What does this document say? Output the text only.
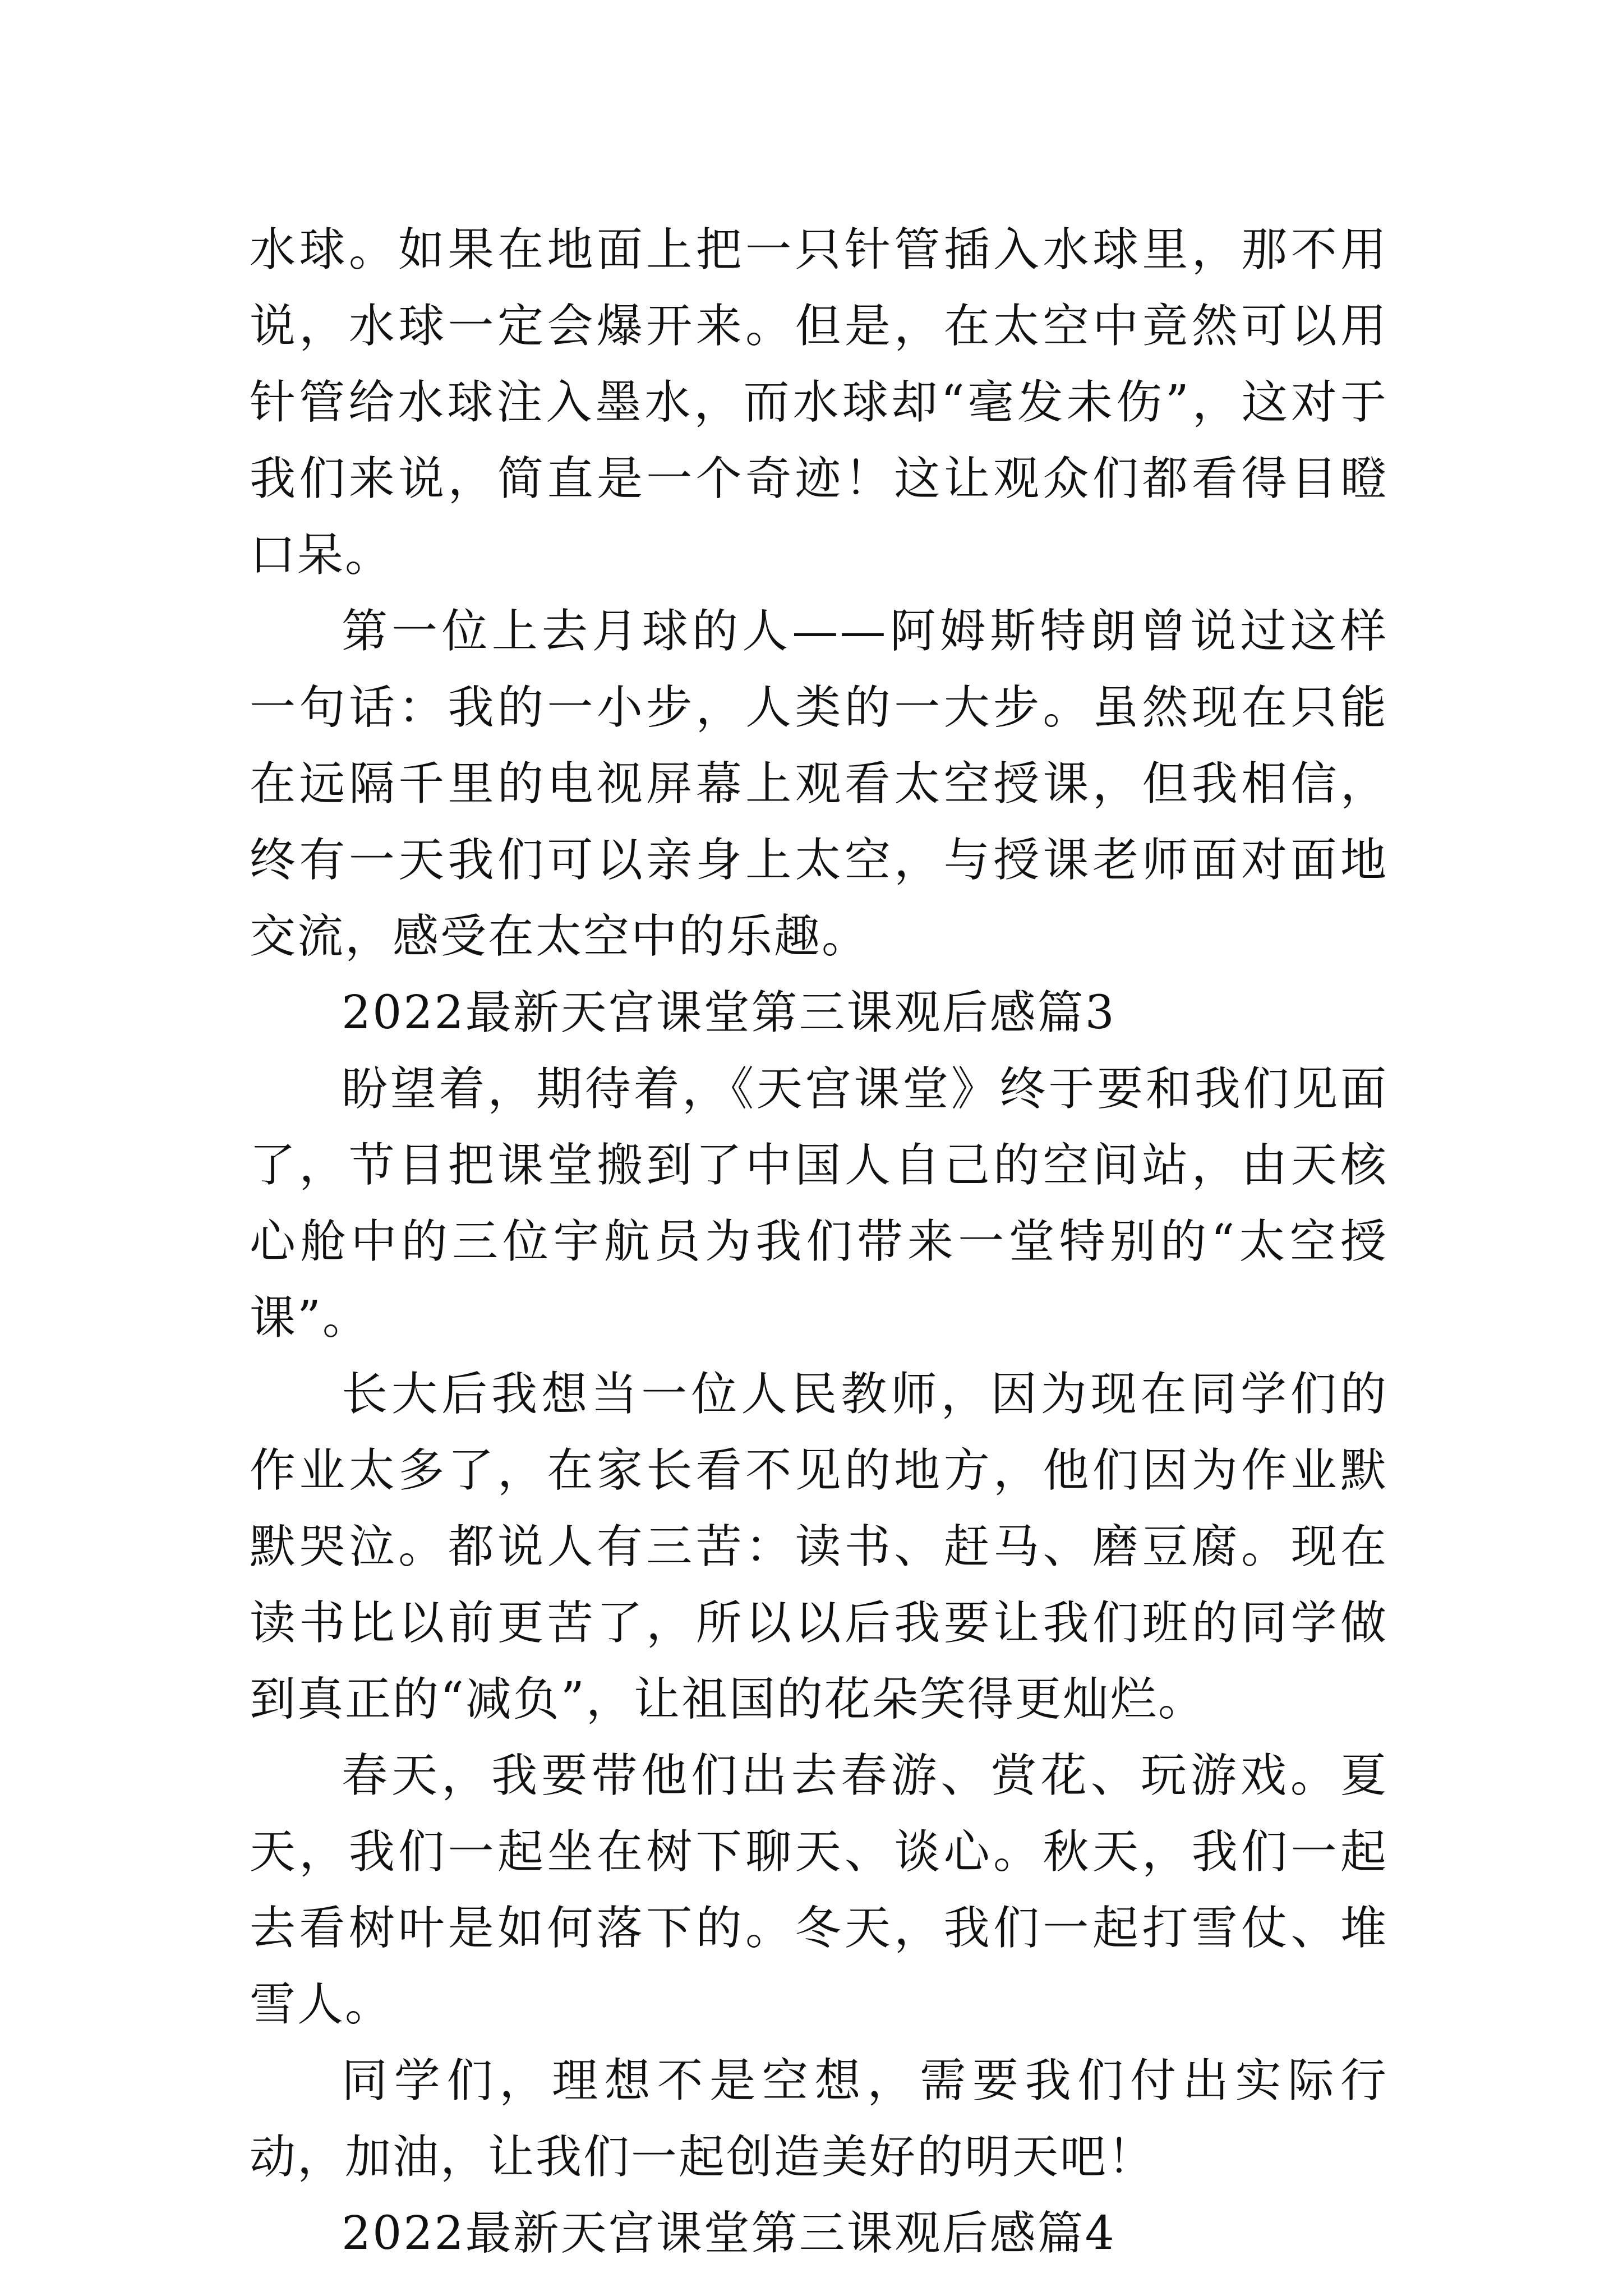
水球。如果在地面上把一只针管插入水球里，那不用说，水球一定会爆开来。但是，在太空中竟然可以用针管给水球注入墨水，而水球却“毫发未伤”，这对于我们来说，简直是一个奇迹！这让观众们都看得目瞪口呆。

第一位上去月球的人——阿姆斯特朗曾说过这样一句话：我的一小步，人类的一大步。虽然现在只能在远隔千里的电视屏幕上观看太空授课，但我相信，终有一天我们可以亲身上太空，与授课老师面对面地交流，感受在太空中的乐趣。

2022最新天宫课堂第三课观后感篇3

盼望着，期待着，《天宫课堂》终于要和我们见面了，节目把课堂搬到了中国人自己的空间站，由天核心舱中的三位宇航员为我们带来一堂特别的“太空授课”。

长大后我想当一位人民教师，因为现在同学们的作业太多了，在家长看不见的地方，他们因为作业默默哭泣。都说人有三苦：读书、赶马、磨豆腐。现在读书比以前更苦了，所以以后我要让我们班的同学做到真正的“减负”，让祖国的花朵笑得更灿烂。

春天，我要带他们出去春游、赏花、玩游戏。夏天，我们一起坐在树下聊天、谈心。秋天，我们一起去看树叶是如何落下的。冬天，我们一起打雪仗、堆雪人。

同学们，理想不是空想，需要我们付出实际行动，加油，让我们一起创造美好的明天吧！

2022最新天宫课堂第三课观后感篇4
